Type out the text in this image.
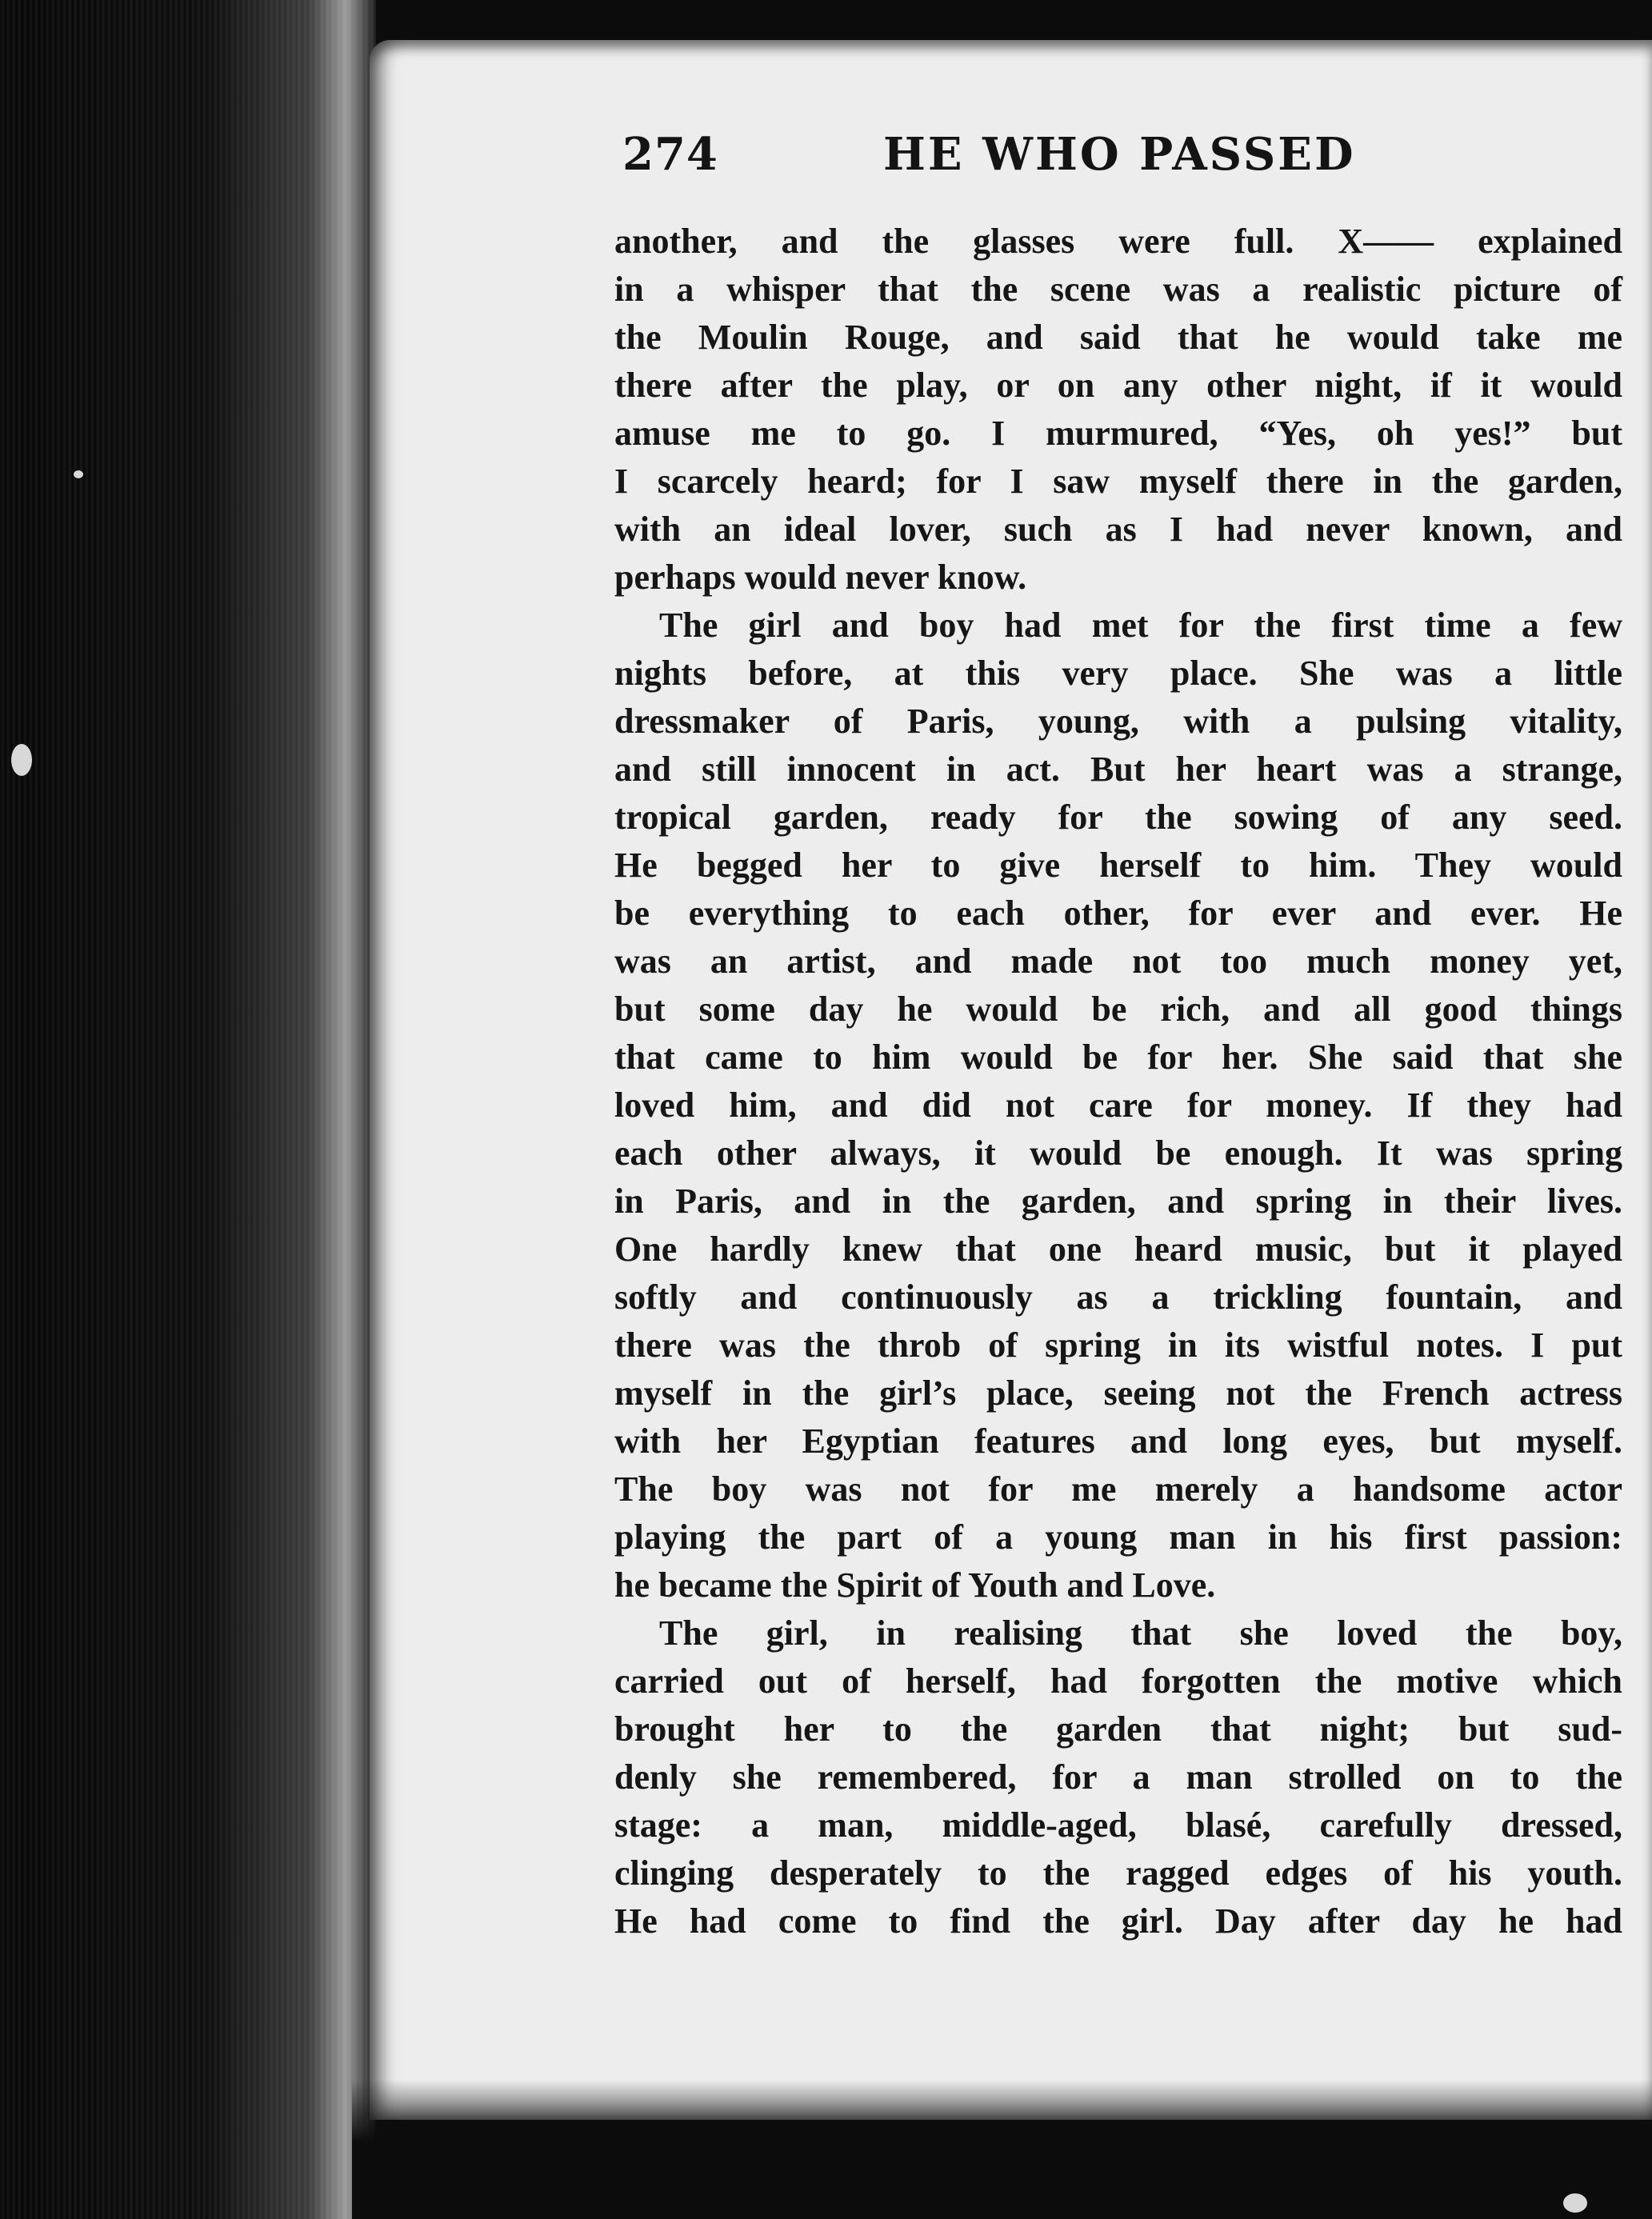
274	HE WHO PASSED
another, and the glasses were full. X—— explained
in a whisper that the scene was a realistic picture of
the Moulin Rouge, and said that he would take me
there after the play, or on any other night, if it would
amuse me to go. I murmured, “Yes, oh yes!” but
I scarcely heard; for I saw myself there in the garden,
with an ideal lover, such as I had never known, and
perhaps would never know.
The girl and boy had met for the first time a few
nights before, at this very place. She was a little
dressmaker of Paris, young, with a pulsing vitality,
and still innocent in act. But her heart was a strange,
tropical garden, ready for the sowing of any seed.
He begged her to give herself to him. They would
be everything to each other, for ever and ever. He
was an artist, and made not too much money yet,
but some day he would be rich, and all good things
that came to him would be for her. She said that she
loved him, and did not care for money. If they had
each other always, it would be enough. It was spring
in Paris, and in the garden, and spring in their lives.
One hardly knew that one heard music, but it played
softly and continuously as a trickling fountain, and
there was the throb of spring in its wistful notes. I put
myself in the girl’s place, seeing not the French actress
with her Egyptian features and long eyes, but myself.
The boy was not for me merely a handsome actor
playing the part of a young man in his first passion:
he became the Spirit of Youth and Love.
The girl, in realising that she loved the boy,
carried out of herself, had forgotten the motive which
brought her to the garden that night; but sud-
denly she remembered, for a man strolled on to the
stage: a man, middle-aged, blasé, carefully dressed,
clinging desperately to the ragged edges of his youth.
He had come to find the girl. Day after day he had
